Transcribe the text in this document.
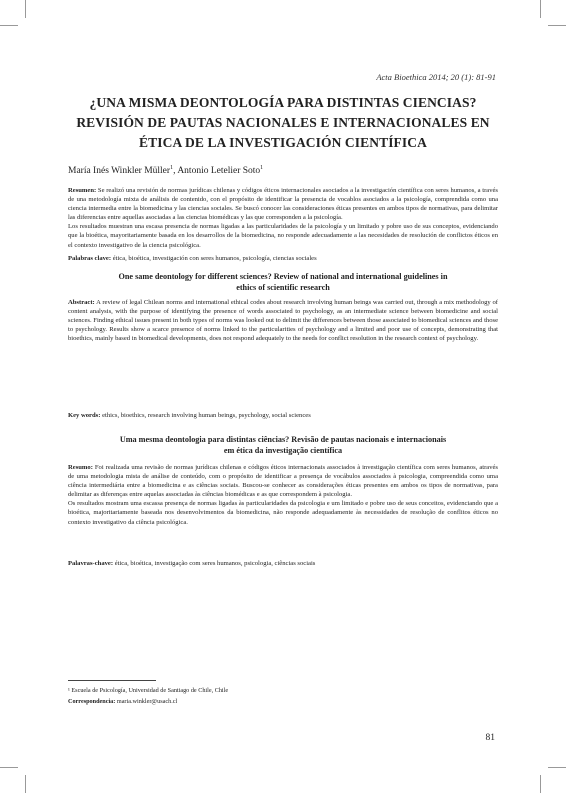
Acta Bioethica 2014; 20 (1): 81-91
¿UNA MISMA DEONTOLOGÍA PARA DISTINTAS CIENCIAS?
REVISIÓN DE PAUTAS NACIONALES E INTERNACIONALES EN
ÉTICA DE LA INVESTIGACIÓN CIENTÍFICA
María Inés Winkler Müller$^1$, Antonio Letelier Soto$^1$

Resumen: Se realizó una revisión de normas jurídicas chilenas y códigos éticos internacionales asociados a la investigación científica con seres humanos, a través de una metodología mixta de análisis de contenido, con el propósito de identificar la presencia de vocablos asociados a la psicología, comprendida como una ciencia intermedia entre la biomedicina y las ciencias sociales. Se buscó conocer las consideraciones éticas presentes en ambos tipos de normativas, para delimitar las diferencias entre aquellas asociadas a las ciencias biomédicas y las que corresponden a la psicología.

Los resultados muestran una escasa presencia de normas ligadas a las particularidades de la psicología y un limitado y pobre uso de sus conceptos, evidenciando que la bioética, mayoritariamente basada en los desarrollos de la biomedicina, no responde adecuadamente a las necesidades de resolución de conflictos éticos en el contexto investigativo de la ciencia psicológica.

Palabras clave: ética, bioética, investigación con seres humanos, psicología, ciencias sociales
One same deontology for different sciences? Review of national and international guidelines in
ethics of scientific research

Abstract: A review of legal Chilean norms and international ethical codes about research involving human beings was carried out, through a mix methodology of content analysis, with the purpose of identifying the presence of words associated to psychology, as an intermediate science between biomedicine and social sciences. Finding ethical issues present in both types of norms was looked out to delimit the differences between those associated to biomedical sciences and those to psychology. Results show a scarce presence of norms linked to the particularities of psychology and a limited and poor use of concepts, demonstrating that bioethics, mainly based in biomedical developments, does not respond adequately to the needs for conflict resolution in the research context of psychology.

Key words: ethics, bioethics, research involving human beings, psychology, social sciences
Uma mesma deontologia para distintas ciências? Revisão de pautas nacionais e internacionais
em ética da investigação científica

Resumo: Foi realizada uma revisão de normas jurídicas chilenas e códigos éticos internacionais associados à investigação científica com seres humanos, através de uma metodologia mista de análise de conteúdo, com o propósito de identificar a presença de vocábulos associados à psicologia, compreendida como uma ciência intermediária entre a biomedicina e as ciências sociais. Buscou-se conhecer as considerações éticas presentes em ambos os tipos de normativas, para delimitar as diferenças entre aquelas associadas às ciências biomédicas e as que correspondem à psicologia.

Os resultados mostram uma escassa presença de normas ligadas às particularidades da psicologia e um limitado e pobre uso de seus conceitos, evidenciando que a bioética, majoritariamente baseada nos desenvolvimentos da biomedicina, não responde adequadamente às necessidades de resolução de conflitos éticos no contexto investigativo da ciência psicológica.

Palavras-chave: ética, bioética, investigação com seres humanos, psicologia, ciências sociais
¹ Escuela de Psicología, Universidad de Santiago de Chile, Chile
Correspondencia: maria.winkler@usach.cl
81
